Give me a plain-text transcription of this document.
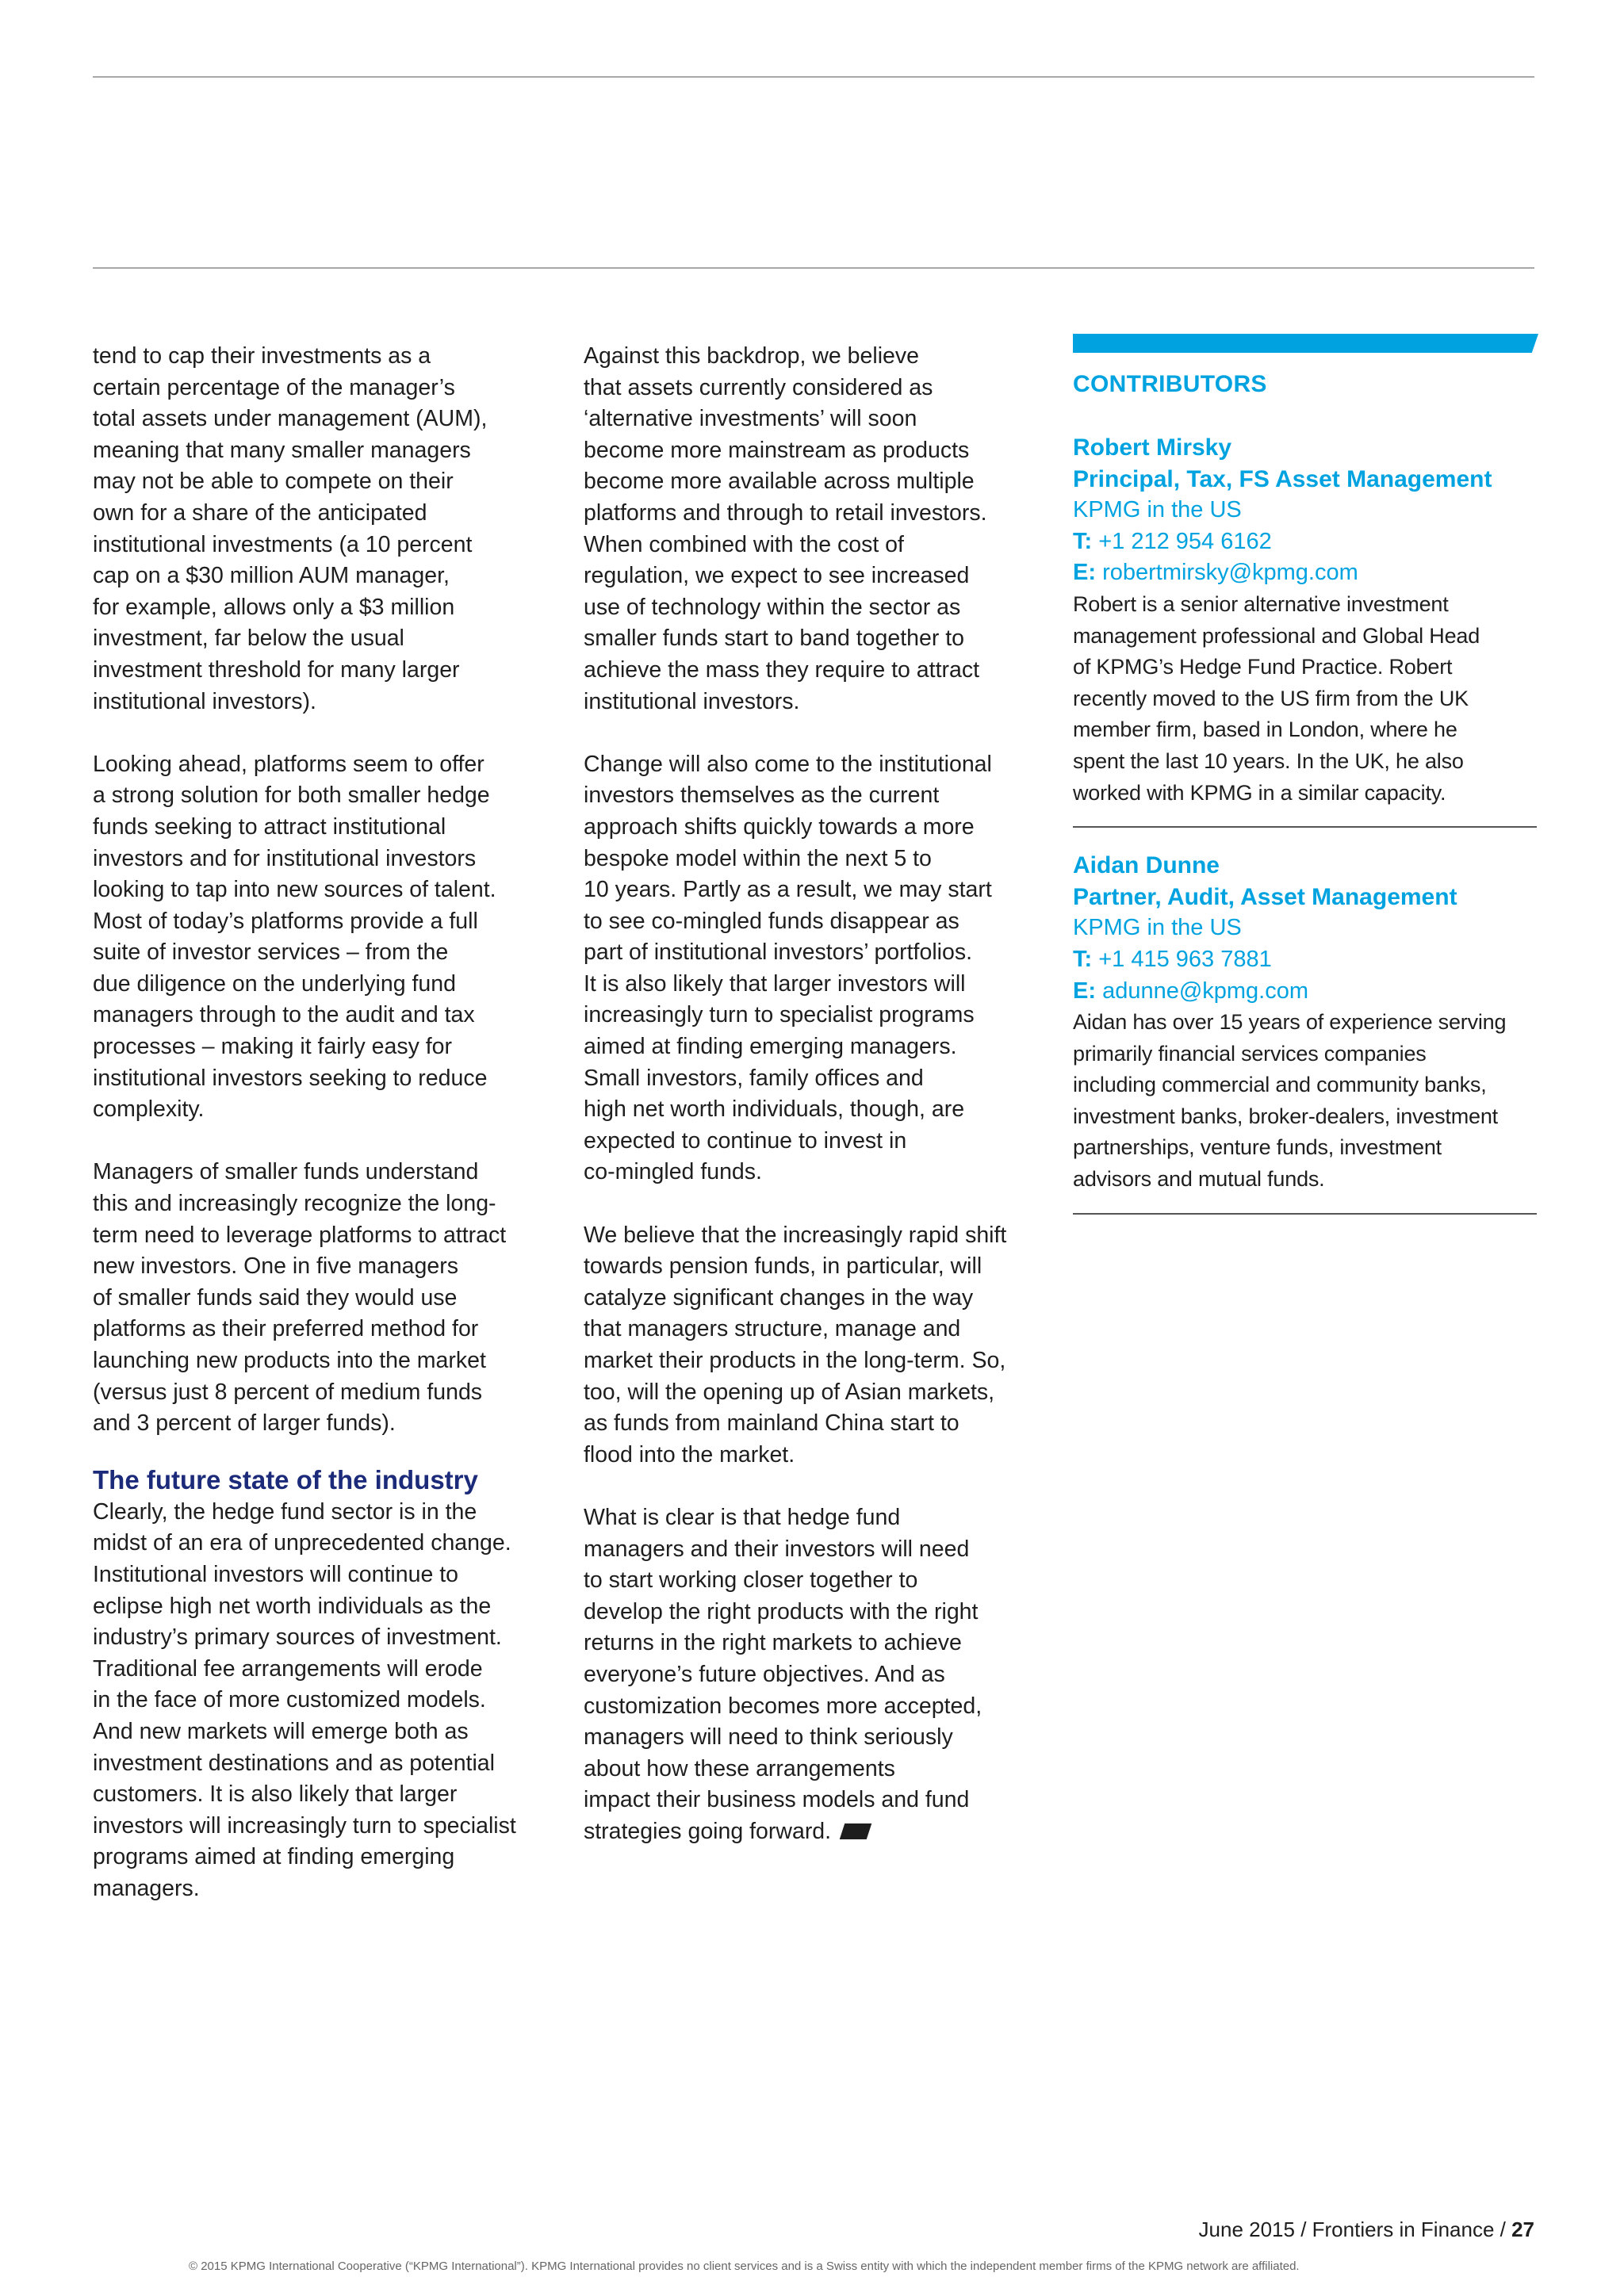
tend to cap their investments as a
certain percentage of the manager’s
total assets under management (AUM),
meaning that many smaller managers
may not be able to compete on their
own for a share of the anticipated
institutional investments (a 10 percent
cap on a $30 million AUM manager,
for example, allows only a $3 million
investment, far below the usual
investment threshold for many larger
institutional investors).

Looking ahead, platforms seem to offer
a strong solution for both smaller hedge
funds seeking to attract institutional
investors and for institutional investors
looking to tap into new sources of talent.
Most of today’s platforms provide a full
suite of investor services – from the
due diligence on the underlying fund
managers through to the audit and tax
processes – making it fairly easy for
institutional investors seeking to reduce
complexity.

Managers of smaller funds understand
this and increasingly recognize the long-
term need to leverage platforms to attract
new investors. One in five managers
of smaller funds said they would use
platforms as their preferred method for
launching new products into the market
(versus just 8 percent of medium funds
and 3 percent of larger funds).

The future state of the industry

Clearly, the hedge fund sector is in the
midst of an era of unprecedented change.
Institutional investors will continue to
eclipse high net worth individuals as the
industry’s primary sources of investment.
Traditional fee arrangements will erode
in the face of more customized models.
And new markets will emerge both as
investment destinations and as potential
customers. It is also likely that larger
investors will increasingly turn to specialist
programs aimed at finding emerging
managers.

Against this backdrop, we believe
that assets currently considered as
‘alternative investments’ will soon
become more mainstream as products
become more available across multiple
platforms and through to retail investors.
When combined with the cost of
regulation, we expect to see increased
use of technology within the sector as
smaller funds start to band together to
achieve the mass they require to attract
institutional investors.

Change will also come to the institutional
investors themselves as the current
approach shifts quickly towards a more
bespoke model within the next 5 to
10 years. Partly as a result, we may start
to see co-mingled funds disappear as
part of institutional investors’ portfolios.
It is also likely that larger investors will
increasingly turn to specialist programs
aimed at finding emerging managers.
Small investors, family offices and
high net worth individuals, though, are
expected to continue to invest in
co-mingled funds.

We believe that the increasingly rapid shift
towards pension funds, in particular, will
catalyze significant changes in the way
that managers structure, manage and
market their products in the long-term. So,
too, will the opening up of Asian markets,
as funds from mainland China start to
flood into the market.

What is clear is that hedge fund
managers and their investors will need
to start working closer together to
develop the right products with the right
returns in the right markets to achieve
everyone’s future objectives. And as
customization becomes more accepted,
managers will need to think seriously
about how these arrangements
impact their business models and fund
strategies going forward.

CONTRIBUTORS
Robert Mirsky
Principal, Tax, FS Asset Management
KPMG in the US
T: +1 212 954 6162
E: robertmirsky@kpmg.com
Robert is a senior alternative investment
management professional and Global Head
of KPMG’s Hedge Fund Practice. Robert
recently moved to the US firm from the UK
member firm, based in London, where he
spent the last 10 years. In the UK, he also
worked with KPMG in a similar capacity.
Aidan Dunne
Partner, Audit, Asset Management
KPMG in the US
T: +1 415 963 7881
E: adunne@kpmg.com
Aidan has over 15 years of experience serving
primarily financial services companies
including commercial and community banks,
investment banks, broker-dealers, investment
partnerships, venture funds, investment
advisors and mutual funds.
June 2015 / Frontiers in Finance / 27
© 2015 KPMG International Cooperative (“KPMG International”). KPMG International provides no client services and is a Swiss entity with which the independent member firms of the KPMG network are affiliated.
